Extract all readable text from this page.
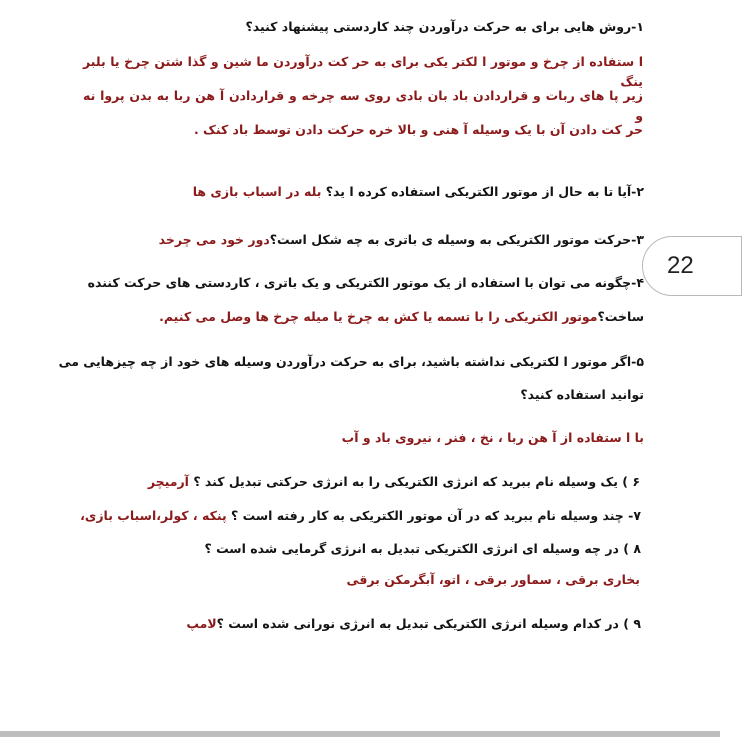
۱-روش هایی برای به حرکت درآوردن چند کاردستی پیشنهاد کنید؟
ا ستفاده از چرخ و موتور ا لکتر یکی برای به حر کت درآوردن ما شین و گذا شتن چرخ یا بلبر ینگ
زیر پا های ربات و قراردادن باد بان بادی روی سه چرخه و قراردادن آ هن ربا به بدن پروا نه و
حر کت دادن آن با یک وسیله آ هنی و بالا خره حرکت دادن توسط باد کنک .
۲-آیا تا به حال از موتور الکتریکی استفاده کرده ا ید؟ بله در اسباب بازی ها
۳-حرکت موتور الکتریکی به وسیله ی باتری به چه شکل است؟دور خود می چرخد
۴-چگونه می توان با استفاده از یک موتور الکتریکی و یک باتری ، کاردستی های حرکت کننده
ساخت؟موتور الکتریکی را با تسمه یا کش به چرخ یا میله چرخ ها وصل می کنیم.
۵-اگر موتور ا لکتریکی نداشته باشید، برای به حرکت درآوردن وسیله های خود از چه چیزهایی می
توانید استفاده کنید؟
با ا ستفاده از آ هن ربا ، نخ ، فنر ، نیروی باد و آب
۶ ) یک وسیله نام ببرید که انرژی الکتریکی را به انرژی حرکتی تبدیل کند ؟ آرمیچر
۷- چند وسیله نام ببرید که در آن موتور الکتریکی به کار رفته است ؟ پنکه ، کولر،اسباب بازی،
۸ ) در چه وسیله ای انرژی الکتریکی تبدیل به انرژی گرمایی شده است ؟
بخاری برقی ، سماور برقی ، اتو، آبگرمکن برقی
۹ ) در کدام وسیله انرژی الکتریکی تبدیل به انرژی نورانی شده است ؟لامپ
22
